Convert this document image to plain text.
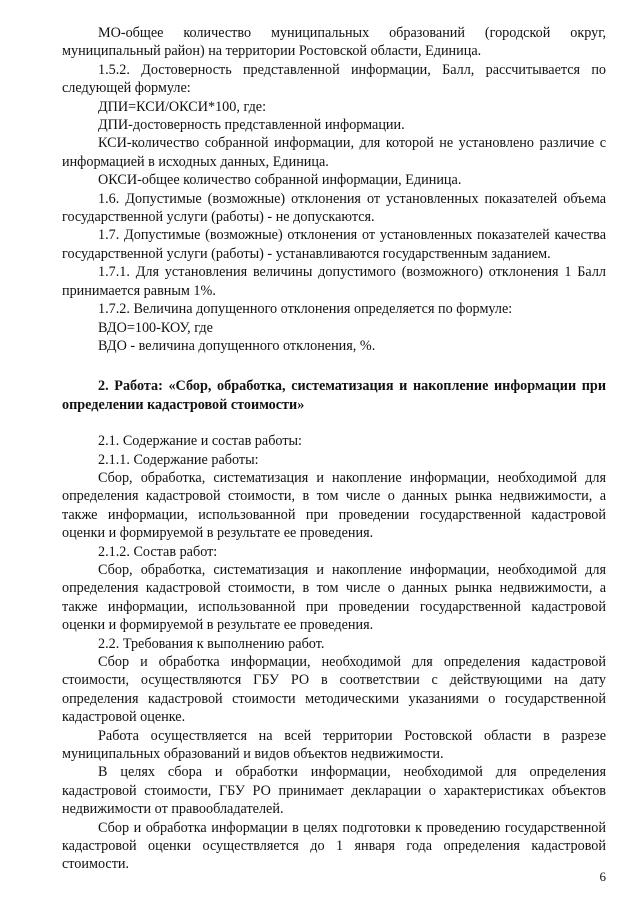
МО-общее количество муниципальных образований (городской округ, муниципальный район) на территории Ростовской области, Единица.

1.5.2. Достоверность представленной информации, Балл, рассчитывается по следующей формуле:

ДПИ=КСИ/ОКСИ*100, где:

ДПИ-достоверность представленной информации.

КСИ-количество собранной информации, для которой не установлено различие с информацией в исходных данных, Единица.

ОКСИ-общее количество собранной информации, Единица.

1.6. Допустимые (возможные) отклонения от установленных показателей объема государственной услуги (работы) - не допускаются.

1.7. Допустимые (возможные) отклонения от установленных показателей качества государственной услуги (работы) - устанавливаются государственным заданием.

1.7.1. Для установления величины допустимого (возможного) отклонения 1 Балл принимается равным 1%.

1.7.2. Величина допущенного отклонения определяется по формуле:

ВДО=100-КОУ, где

ВДО - величина допущенного отклонения, %.

2. Работа: «Сбор, обработка, систематизация и накопление информации при определении кадастровой стоимости»

2.1. Содержание и состав работы:

2.1.1. Содержание работы:

Сбор, обработка, систематизация и накопление информации, необходимой для определения кадастровой стоимости, в том числе о данных рынка недвижимости, а также информации, использованной при проведении государственной кадастровой оценки и формируемой в результате ее проведения.

2.1.2. Состав работ:

Сбор, обработка, систематизация и накопление информации, необходимой для определения кадастровой стоимости, в том числе о данных рынка недвижимости, а также информации, использованной при проведении государственной кадастровой оценки и формируемой в результате ее проведения.

2.2. Требования к выполнению работ.

Сбор и обработка информации, необходимой для определения кадастровой стоимости, осуществляются ГБУ РО в соответствии с действующими на дату определения кадастровой стоимости методическими указаниями о государственной кадастровой оценке.

Работа осуществляется на всей территории Ростовской области в разрезе муниципальных образований и видов объектов недвижимости.

В целях сбора и обработки информации, необходимой для определения кадастровой стоимости, ГБУ РО принимает декларации о характеристиках объектов недвижимости от правообладателей.

Сбор и обработка информации в целях подготовки к проведению государственной кадастровой оценки осуществляется до 1 января года определения кадастровой стоимости.

6
